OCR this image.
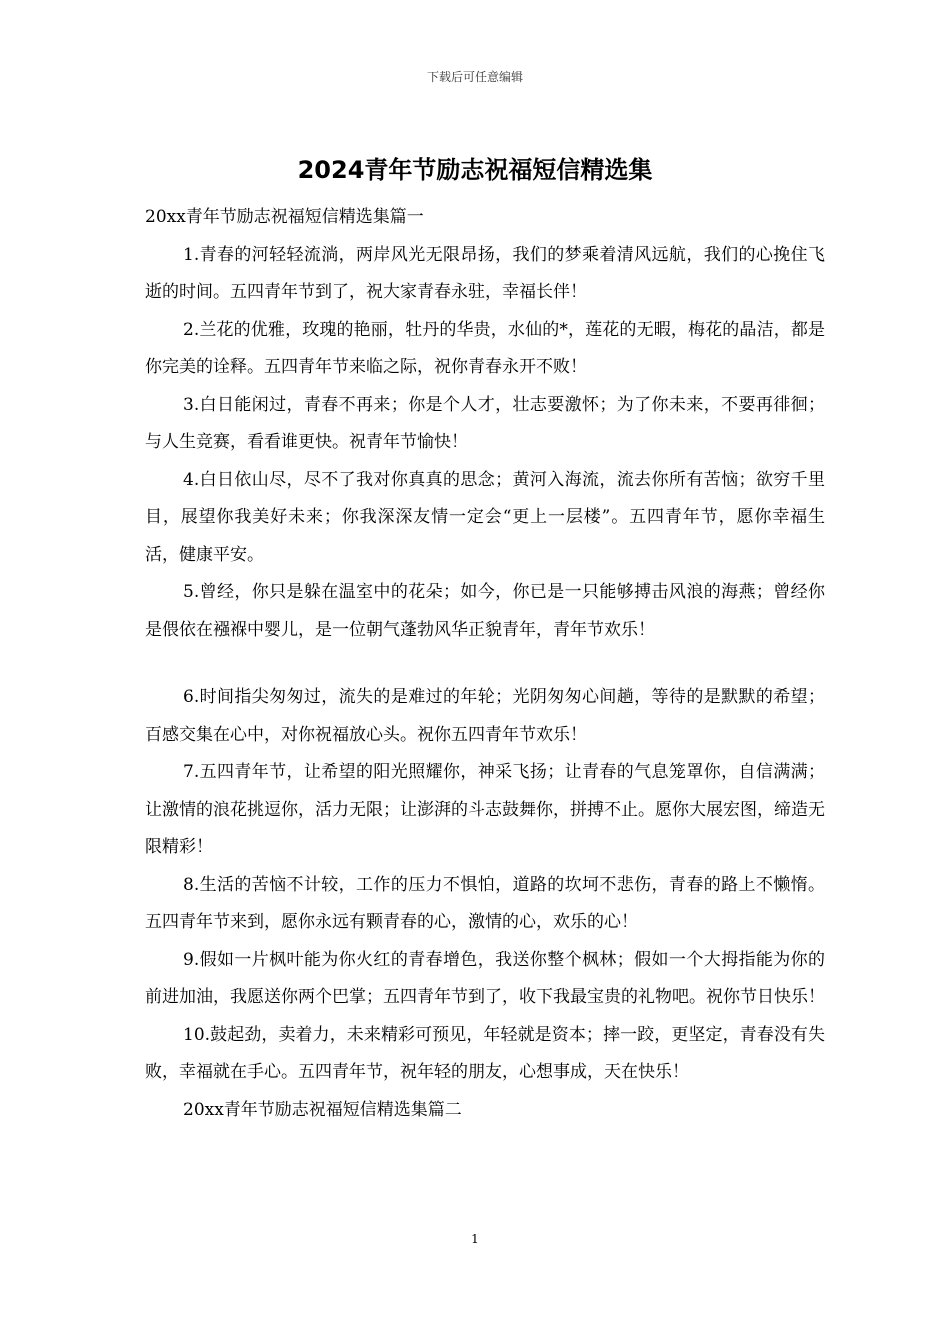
下载后可任意编辑
2024青年节励志祝福短信精选集

20xx青年节励志祝福短信精选集篇一

1.青春的河轻轻流淌，两岸风光无限昂扬，我们的梦乘着清风远航，我们的心挽住飞逝的时间。五四青年节到了，祝大家青春永驻，幸福长伴！

2.兰花的优雅，玫瑰的艳丽，牡丹的华贵，水仙的*，莲花的无暇，梅花的晶洁，都是你完美的诠释。五四青年节来临之际，祝你青春永开不败！

3.白日能闲过，青春不再来；你是个人才，壮志要激怀；为了你未来，不要再徘徊；与人生竞赛，看看谁更快。祝青年节愉快！

4.白日依山尽，尽不了我对你真真的思念；黄河入海流，流去你所有苦恼；欲穷千里目，展望你我美好未来；你我深深友情一定会“更上一层楼”。五四青年节，愿你幸福生活，健康平安。

5.曾经，你只是躲在温室中的花朵；如今，你已是一只能够搏击风浪的海燕；曾经你是偎依在襁褓中婴儿，是一位朝气蓬勃风华正貌青年，青年节欢乐！

6.时间指尖匆匆过，流失的是难过的年轮；光阴匆匆心间趟，等待的是默默的希望；百感交集在心中，对你祝福放心头。祝你五四青年节欢乐！

7.五四青年节，让希望的阳光照耀你，神采飞扬；让青春的气息笼罩你，自信满满；让激情的浪花挑逗你，活力无限；让澎湃的斗志鼓舞你，拼搏不止。愿你大展宏图，缔造无限精彩！

8.生活的苦恼不计较，工作的压力不惧怕，道路的坎坷不悲伤，青春的路上不懒惰。五四青年节来到，愿你永远有颗青春的心，激情的心，欢乐的心！

9.假如一片枫叶能为你火红的青春增色，我送你整个枫林；假如一个大拇指能为你的前进加油，我愿送你两个巴掌；五四青年节到了，收下我最宝贵的礼物吧。祝你节日快乐！

10.鼓起劲，卖着力，未来精彩可预见，年轻就是资本；摔一跤，更坚定，青春没有失败，幸福就在手心。五四青年节，祝年轻的朋友，心想事成，天在快乐！

20xx青年节励志祝福短信精选集篇二

1
